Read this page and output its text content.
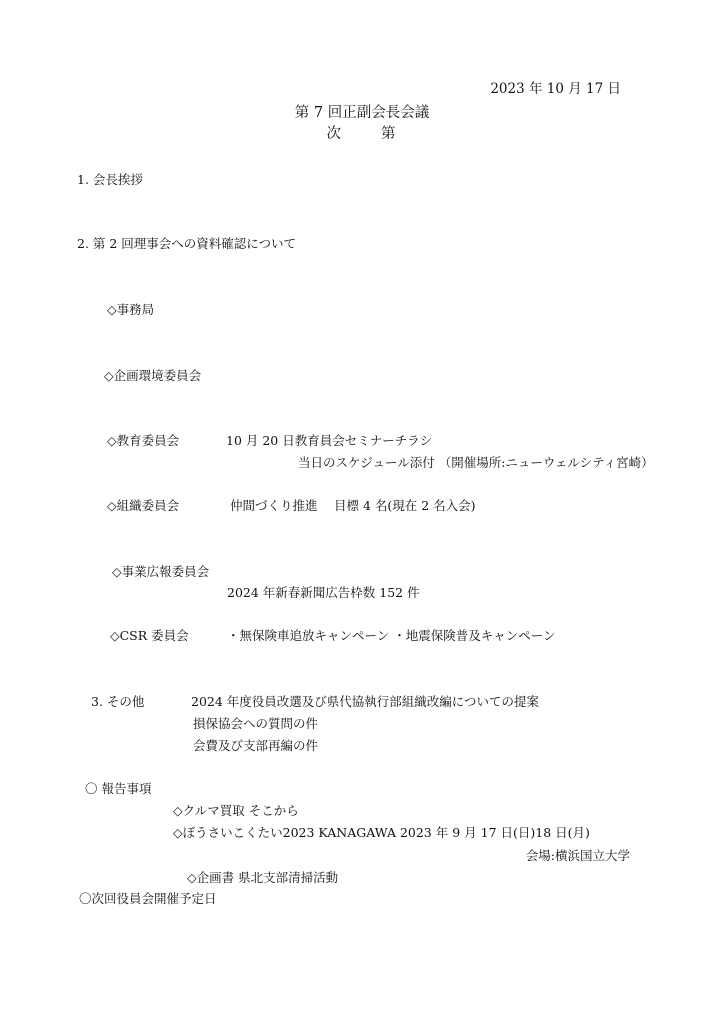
2023 年 10 月 17 日
第 7 回正副会長会議
次	第
1. 会長挨拶
2. 第 2 回理事会への資料確認について
◇事務局
◇企画環境委員会
◇教育委員会	10 月 20 日教育員会セミナーチラシ
当日のスケジュール添付 （開催場所:ニューウェルシティ宮崎）
◇組織委員会	仲間づくり推進　 目標 4 名(現在 2 名入会)
◇事業広報委員会
2024 年新春新聞広告枠数 152 件
◇CSR 委員会	・無保険車追放キャンペーン ・地震保険普及キャンペーン
3. その他	2024 年度役員改選及び県代協執行部組織改編についての提案
損保協会への質問の件
会費及び支部再編の件
〇 報告事項
◇クルマ買取 そこから
◇ぼうさいこくたい2023 KANAGAWA 2023 年 9 月 17 日(日)18 日(月)
会場:横浜国立大学
◇企画書 県北支部清掃活動
〇次回役員会開催予定日
